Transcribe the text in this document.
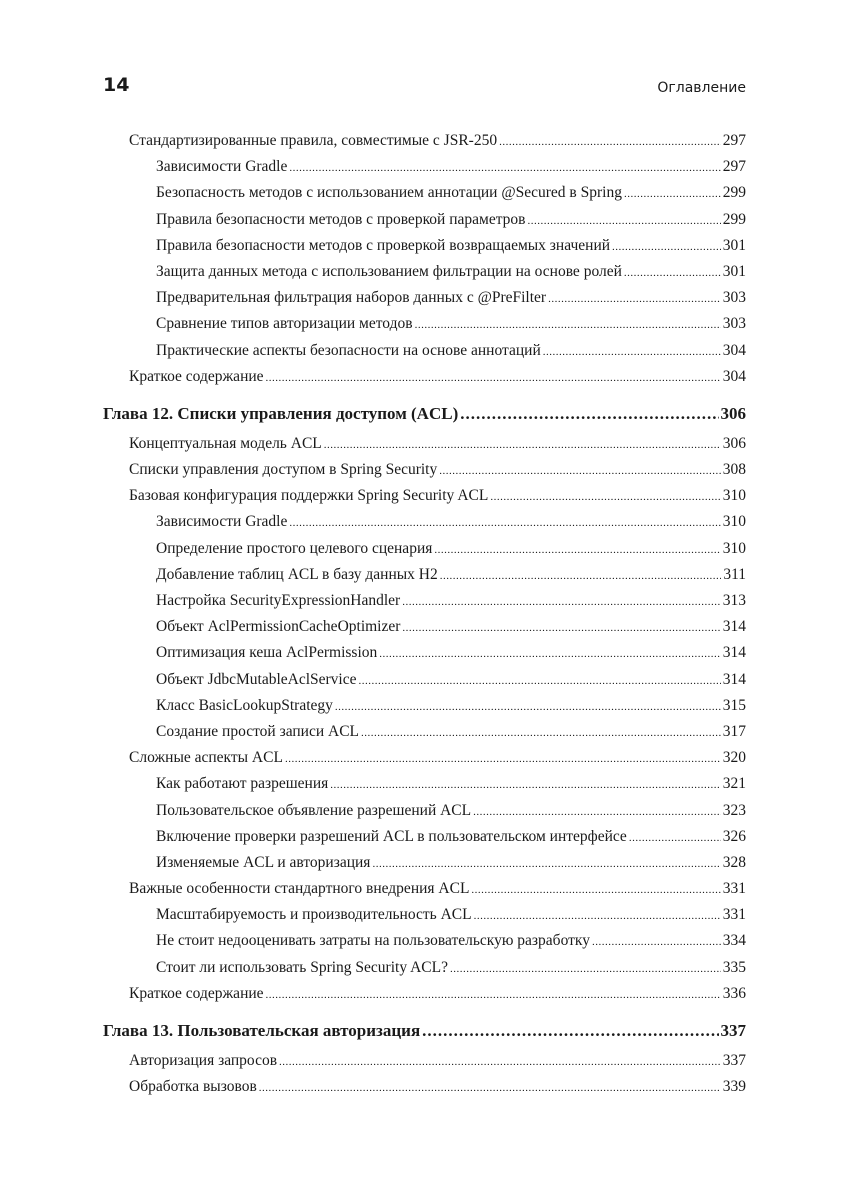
14	Оглавление
Стандартизированные правила, совместимые с JSR-250 .....	297
Зависимости Gradle .....	297
Безопасность методов с использованием аннотации @Secured в Spring .....	299
Правила безопасности методов с проверкой параметров .....	299
Правила безопасности методов с проверкой возвращаемых значений .....	301
Защита данных метода с использованием фильтрации на основе ролей .....	301
Предварительная фильтрация наборов данных с @PreFilter .....	303
Сравнение типов авторизации методов .....	303
Практические аспекты безопасности на основе аннотаций .....	304
Краткое содержание .....	304
Глава 12. Списки управления доступом (ACL) .....	306
Концептуальная модель ACL .....	306
Списки управления доступом в Spring Security .....	308
Базовая конфигурация поддержки Spring Security ACL .....	310
Зависимости Gradle .....	310
Определение простого целевого сценария .....	310
Добавление таблиц ACL в базу данных H2 .....	311
Настройка SecurityExpressionHandler .....	313
Объект AclPermissionCacheOptimizer .....	314
Оптимизация кеша AclPermission .....	314
Объект JdbcMutableAclService .....	314
Класс BasicLookupStrategy .....	315
Создание простой записи ACL .....	317
Сложные аспекты ACL .....	320
Как работают разрешения .....	321
Пользовательское объявление разрешений ACL .....	323
Включение проверки разрешений ACL в пользовательском интерфейсе .....	326
Изменяемые ACL и авторизация .....	328
Важные особенности стандартного внедрения ACL .....	331
Масштабируемость и производительность ACL .....	331
Не стоит недооценивать затраты на пользовательскую разработку .....	334
Стоит ли использовать Spring Security ACL? .....	335
Краткое содержание .....	336
Глава 13. Пользовательская авторизация .....	337
Авторизация запросов .....	337
Обработка вызовов .....	339
